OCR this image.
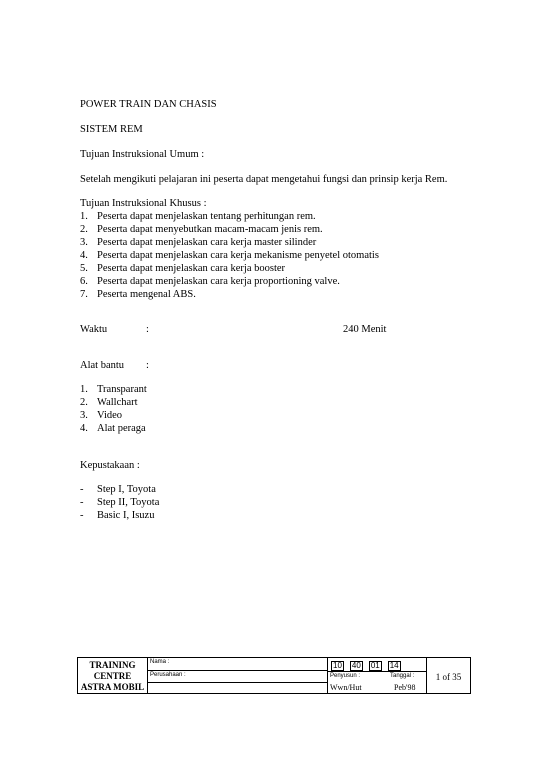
POWER TRAIN DAN CHASIS
SISTEM REM
Tujuan Instruksional Umum :
Setelah mengikuti pelajaran ini peserta dapat mengetahui fungsi dan prinsip kerja Rem.
Tujuan Instruksional Khusus :
1. Peserta dapat menjelaskan tentang perhitungan rem.
2. Peserta dapat menyebutkan macam-macam jenis rem.
3. Peserta dapat menjelaskan cara kerja master silinder
4. Peserta dapat menjelaskan cara kerja mekanisme penyetel otomatis
5. Peserta dapat menjelaskan cara kerja booster
6. Peserta dapat menjelaskan cara kerja proportioning valve.
7. Peserta mengenal ABS.
Waktu	:	240 Menit
Alat bantu :
1. Transparant
2. Wallchart
3. Video
4. Alat peraga
Kepustakaan :
- Step I, Toyota
- Step II, Toyota
- Basic I, Isuzu
TRAINING
CENTRE
ASTRA MOBIL
Nama :
Perusahaan :
10 40 01 14
Penyusun :	Tanggal :
Wwn/Hut	Peb'98
1 of 35
